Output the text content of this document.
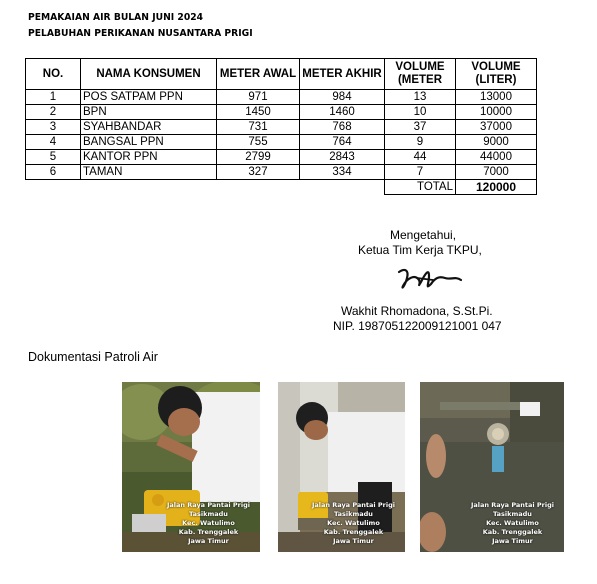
PEMAKAIAN AIR BULAN JUNI 2024
PELABUHAN PERIKANAN NUSANTARA PRIGI
NO.	NAMA KONSUMEN	METER AWAL	METER AKHIR	VOLUME (METER	VOLUME (LITER)
1	POS SATPAM PPN	971	984	13	13000
2	BPN	1450	1460	10	10000
3	SYAHBANDAR	731	768	37	37000
4	BANGSAL PPN	755	764	9	9000
5	KANTOR PPN	2799	2843	44	44000
6	TAMAN	327	334	7	7000
				TOTAL	120000
Mengetahui,
Ketua Tim Kerja TKPU,
Wakhit Rhomadona, S.St.Pi.
NIP. 198705122009121001 047
Dokumentasi Patroli Air
Jalan Raya Pantai Prigi
Tasikmadu
Kec. Watulimo
Kab. Trenggalek
Jawa Timur
Jalan Raya Pantai Prigi
Tasikmadu
Kec. Watulimo
Kab. Trenggalek
Jawa Timur
Jalan Raya Pantai Prigi
Tasikmadu
Kec. Watulimo
Kab. Trenggalek
Jawa Timur
